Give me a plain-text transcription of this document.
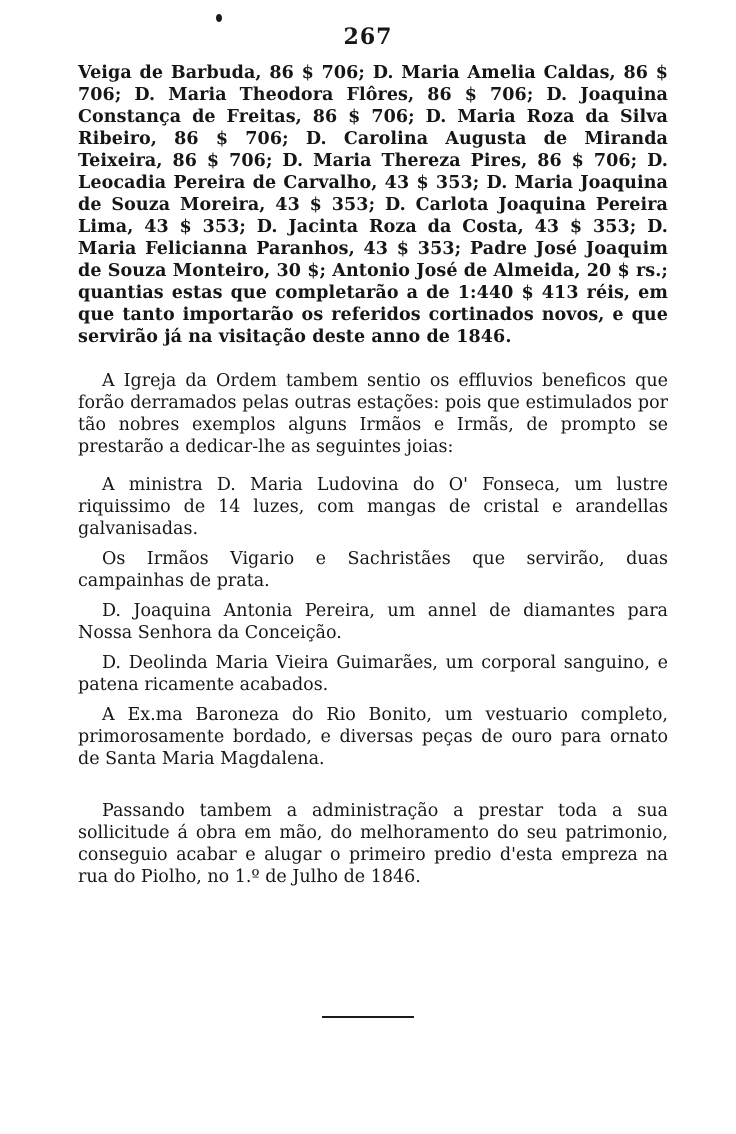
267

Veiga de Barbuda, 86 $ 706; D. Maria Amelia Caldas, 86 $ 706; D. Maria Theodora Flôres, 86 $ 706; D. Joaquina Constança de Freitas, 86 $ 706; D. Maria Roza da Silva Ribeiro, 86 $ 706; D. Carolina Augusta de Miranda Teixeira, 86 $ 706; D. Maria Thereza Pires, 86 $ 706; D. Leocadia Pereira de Carvalho, 43 $ 353; D. Maria Joaquina de Souza Moreira, 43 $ 353; D. Carlota Joaquina Pereira Lima, 43 $ 353; D. Jacinta Roza da Costa, 43 $ 353; D. Maria Felicianna Paranhos, 43 $ 353; Padre José Joaquim de Souza Monteiro, 30 $; Antonio José de Almeida, 20 $ rs.; quantias estas que completarão a de 1:440 $ 413 réis, em que tanto importarão os referidos cortinados novos, e que servirão já na visitação deste anno de 1846.

A Igreja da Ordem tambem sentio os effluvios beneficos que forão derramados pelas outras estações: pois que estimulados por tão nobres exemplos alguns Irmãos e Irmãs, de prompto se prestarão a dedicar-lhe as seguintes joias:

A ministra D. Maria Ludovina do O' Fonseca, um lustre riquissimo de 14 luzes, com mangas de cristal e arandellas galvanisadas.

Os Irmãos Vigario e Sachristães que servirão, duas campainhas de prata.

D. Joaquina Antonia Pereira, um annel de diamantes para Nossa Senhora da Conceição.

D. Deolinda Maria Vieira Guimarães, um corporal sanguino, e patena ricamente acabados.

A Ex.ma Baroneza do Rio Bonito, um vestuario completo, primorosamente bordado, e diversas peças de ouro para ornato de Santa Maria Magdalena.

Passando tambem a administração a prestar toda a sua sollicitude á obra em mão, do melhoramento do seu patrimonio, conseguio acabar e alugar o primeiro predio d'esta empreza na rua do Piolho, no 1.º de Julho de 1846.
